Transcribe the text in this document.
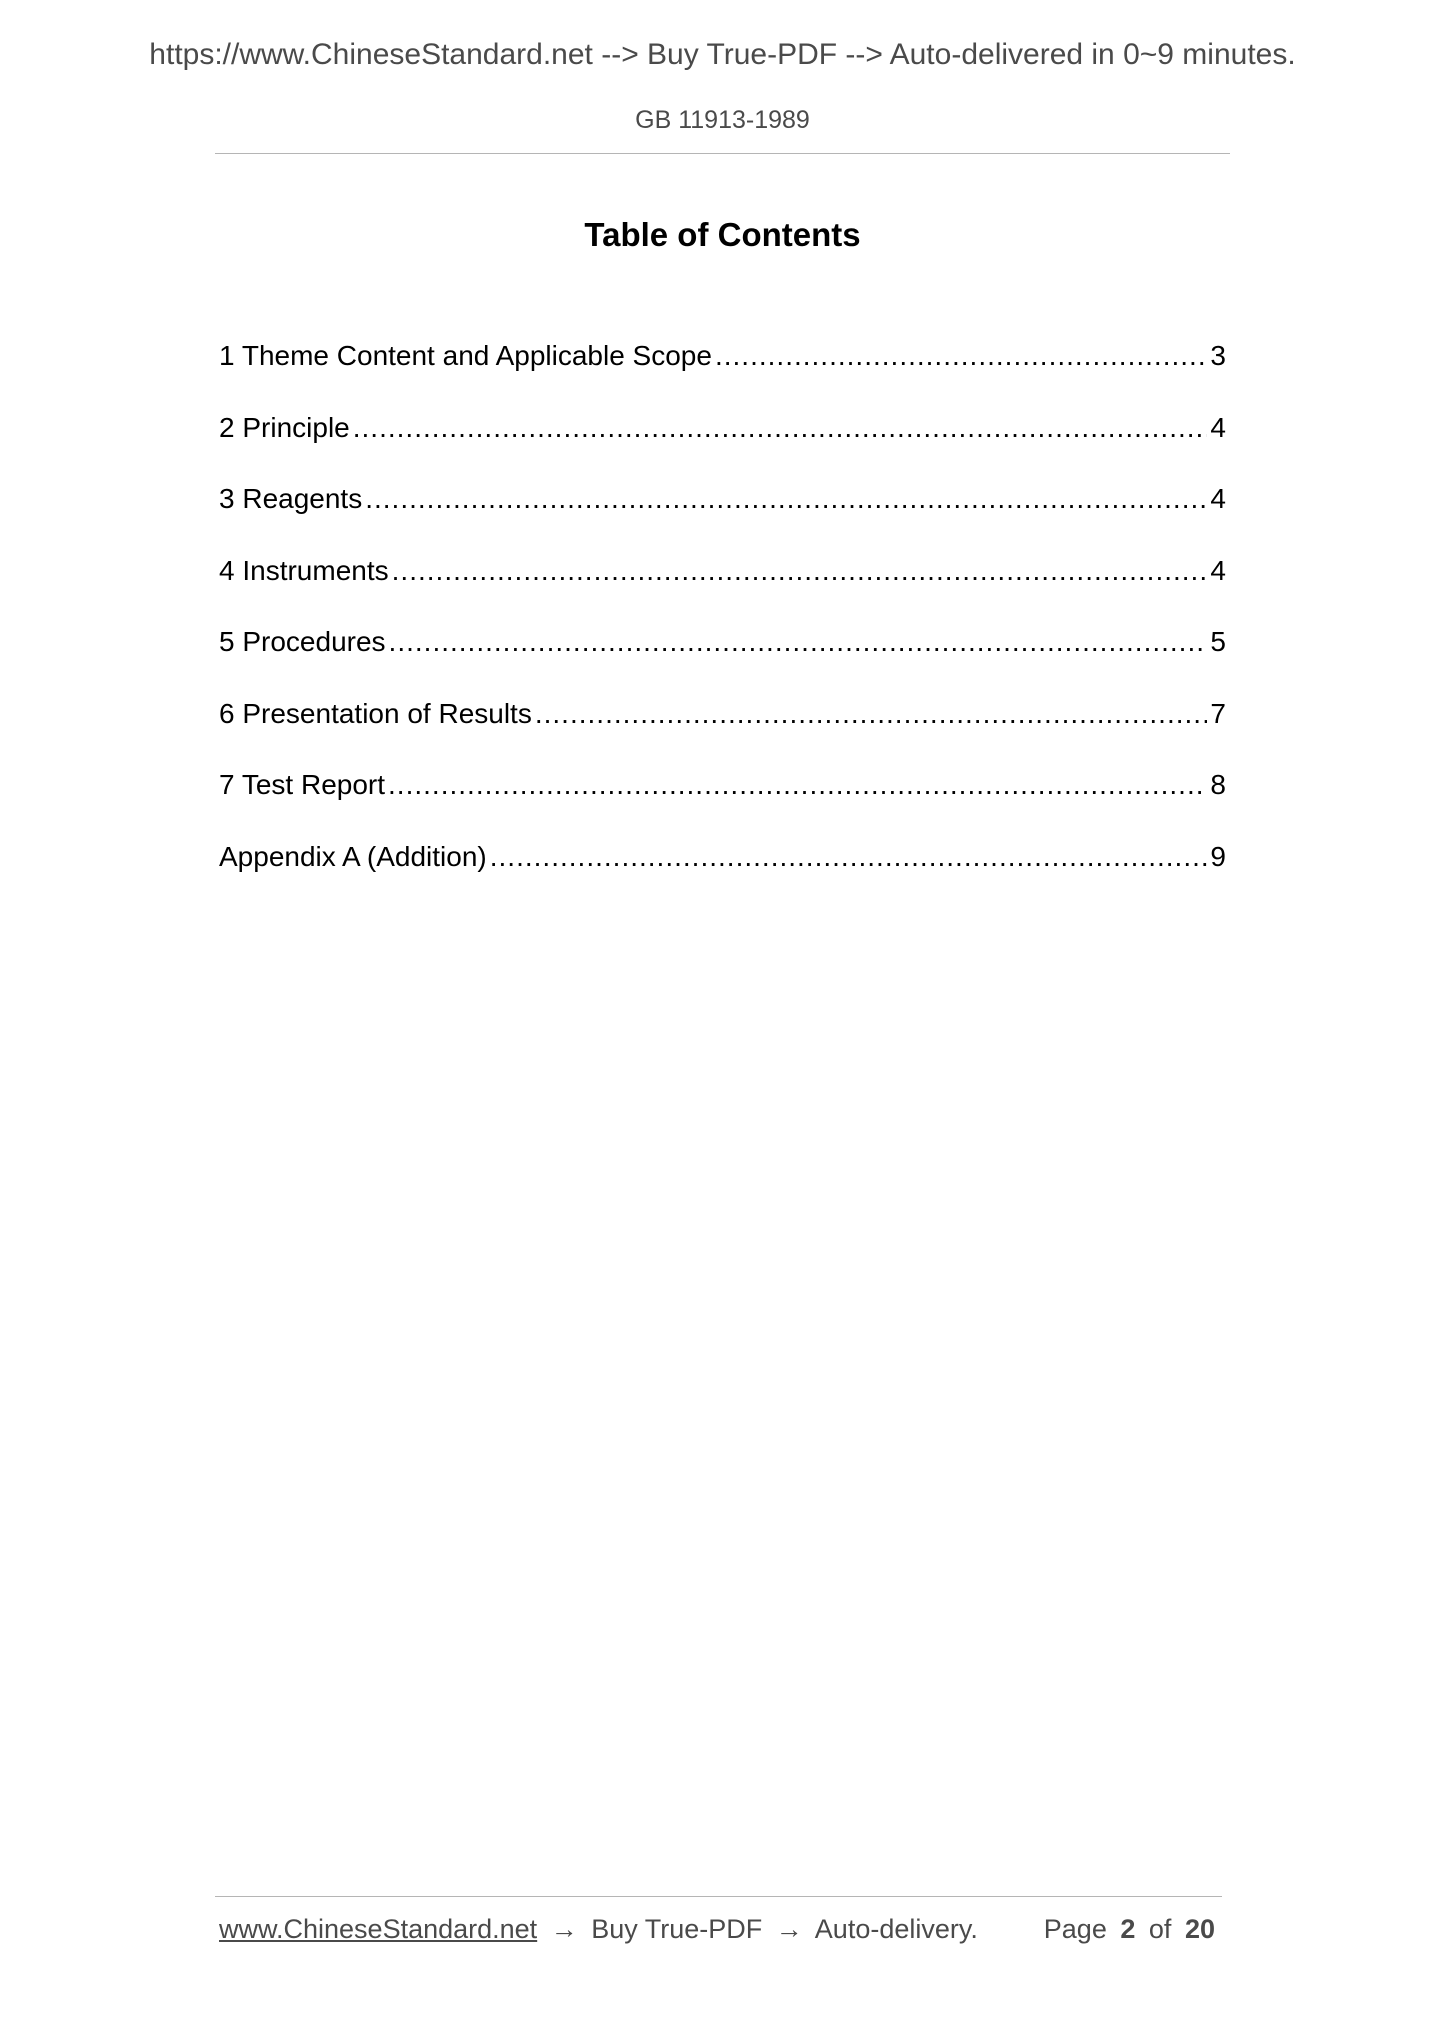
https://www.ChineseStandard.net --> Buy True-PDF --> Auto-delivered in 0~9 minutes.
GB 11913-1989
Table of Contents
1 Theme Content and Applicable Scope .....	3
2 Principle .....	4
3 Reagents .....	4
4 Instruments .....	4
5 Procedures .....	5
6 Presentation of Results .....	7
7 Test Report .....	8
Appendix A (Addition) .....	9
www.ChineseStandard.net → Buy True-PDF → Auto-delivery. Page 2 of 20
